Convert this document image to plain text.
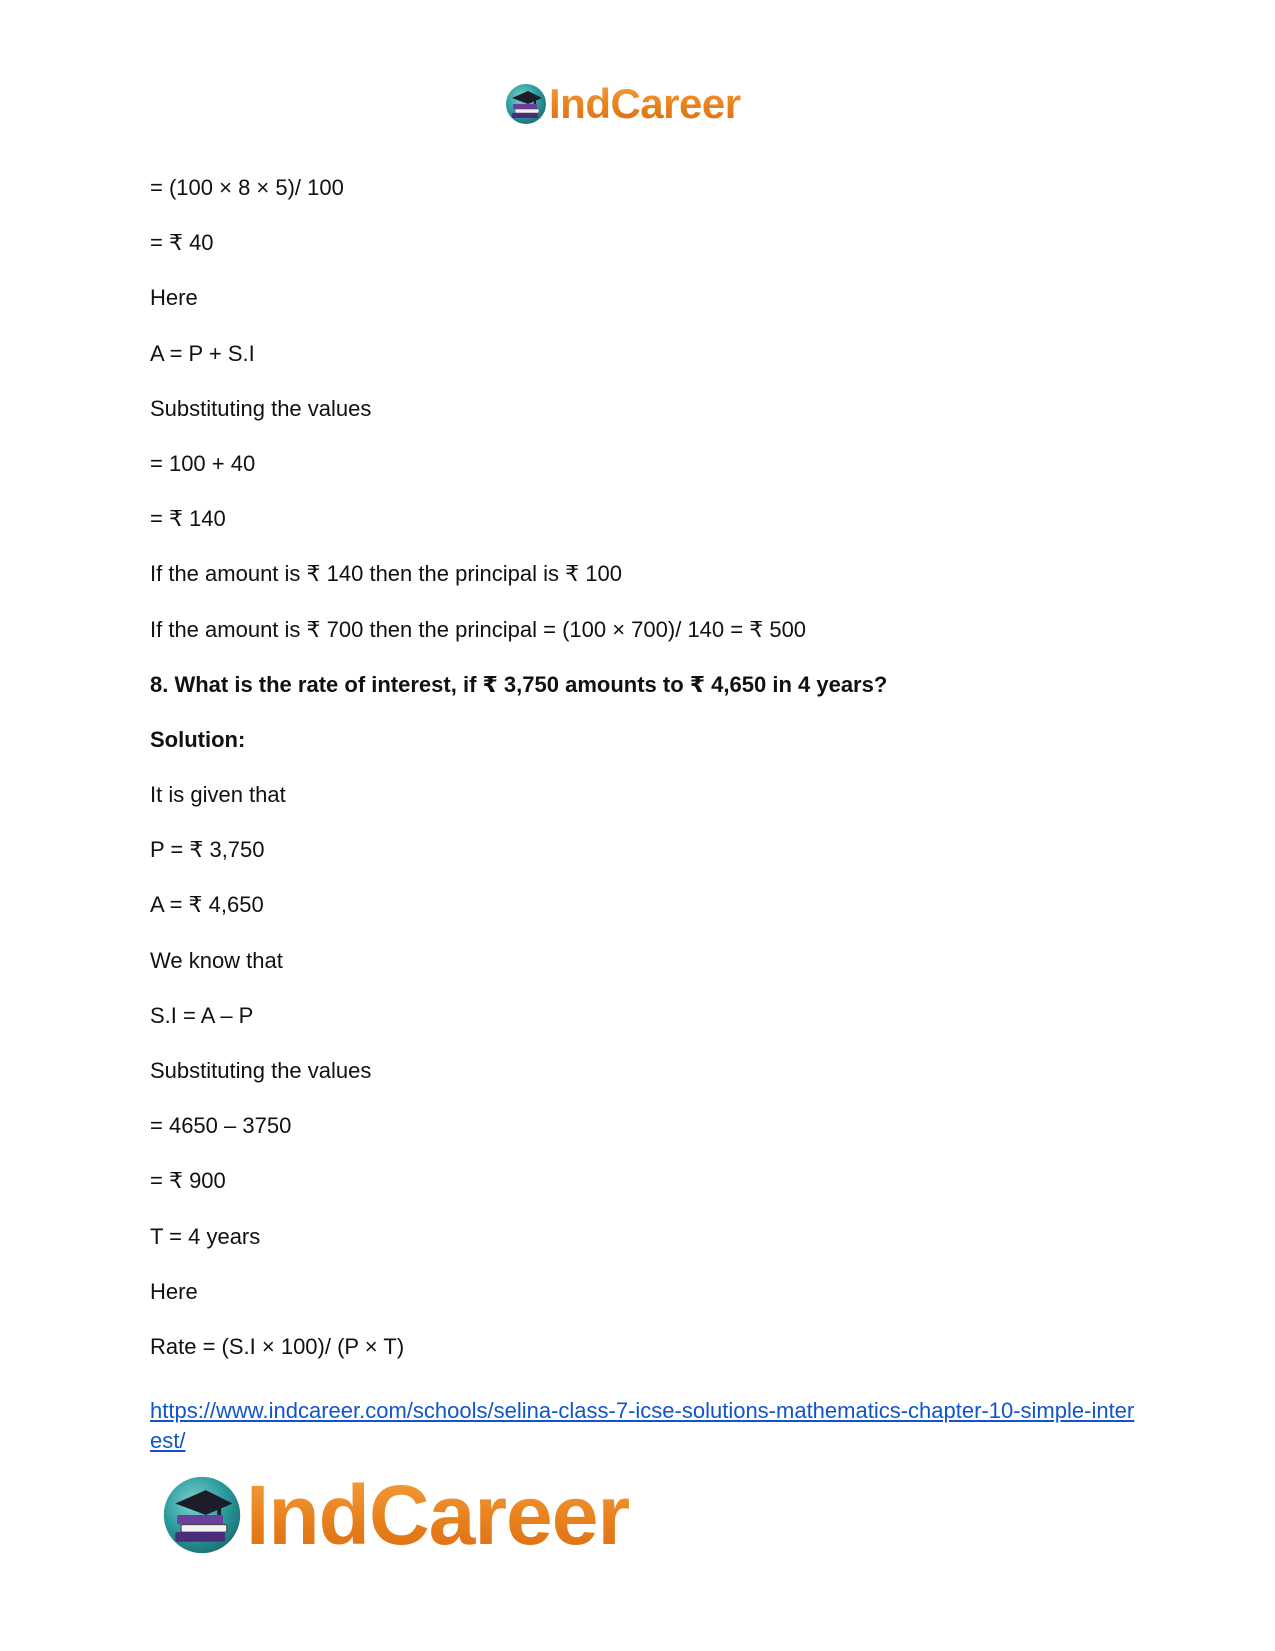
IndCareer
= (100 × 8 × 5)/ 100
= ₹ 40
Here
A = P + S.I
Substituting the values
= 100 + 40
= ₹ 140
If the amount is ₹ 140 then the principal is ₹ 100
If the amount is ₹ 700 then the principal = (100 × 700)/ 140 = ₹ 500
8. What is the rate of interest, if ₹ 3,750 amounts to ₹ 4,650 in 4 years?
Solution:
It is given that
P = ₹ 3,750
A = ₹ 4,650
We know that
S.I = A – P
Substituting the values
= 4650 – 3750
= ₹ 900
T = 4 years
Here
Rate = (S.I × 100)/ (P × T)
https://www.indcareer.com/schools/selina-class-7-icse-solutions-mathematics-chapter-10-simple-interest/
IndCareer
